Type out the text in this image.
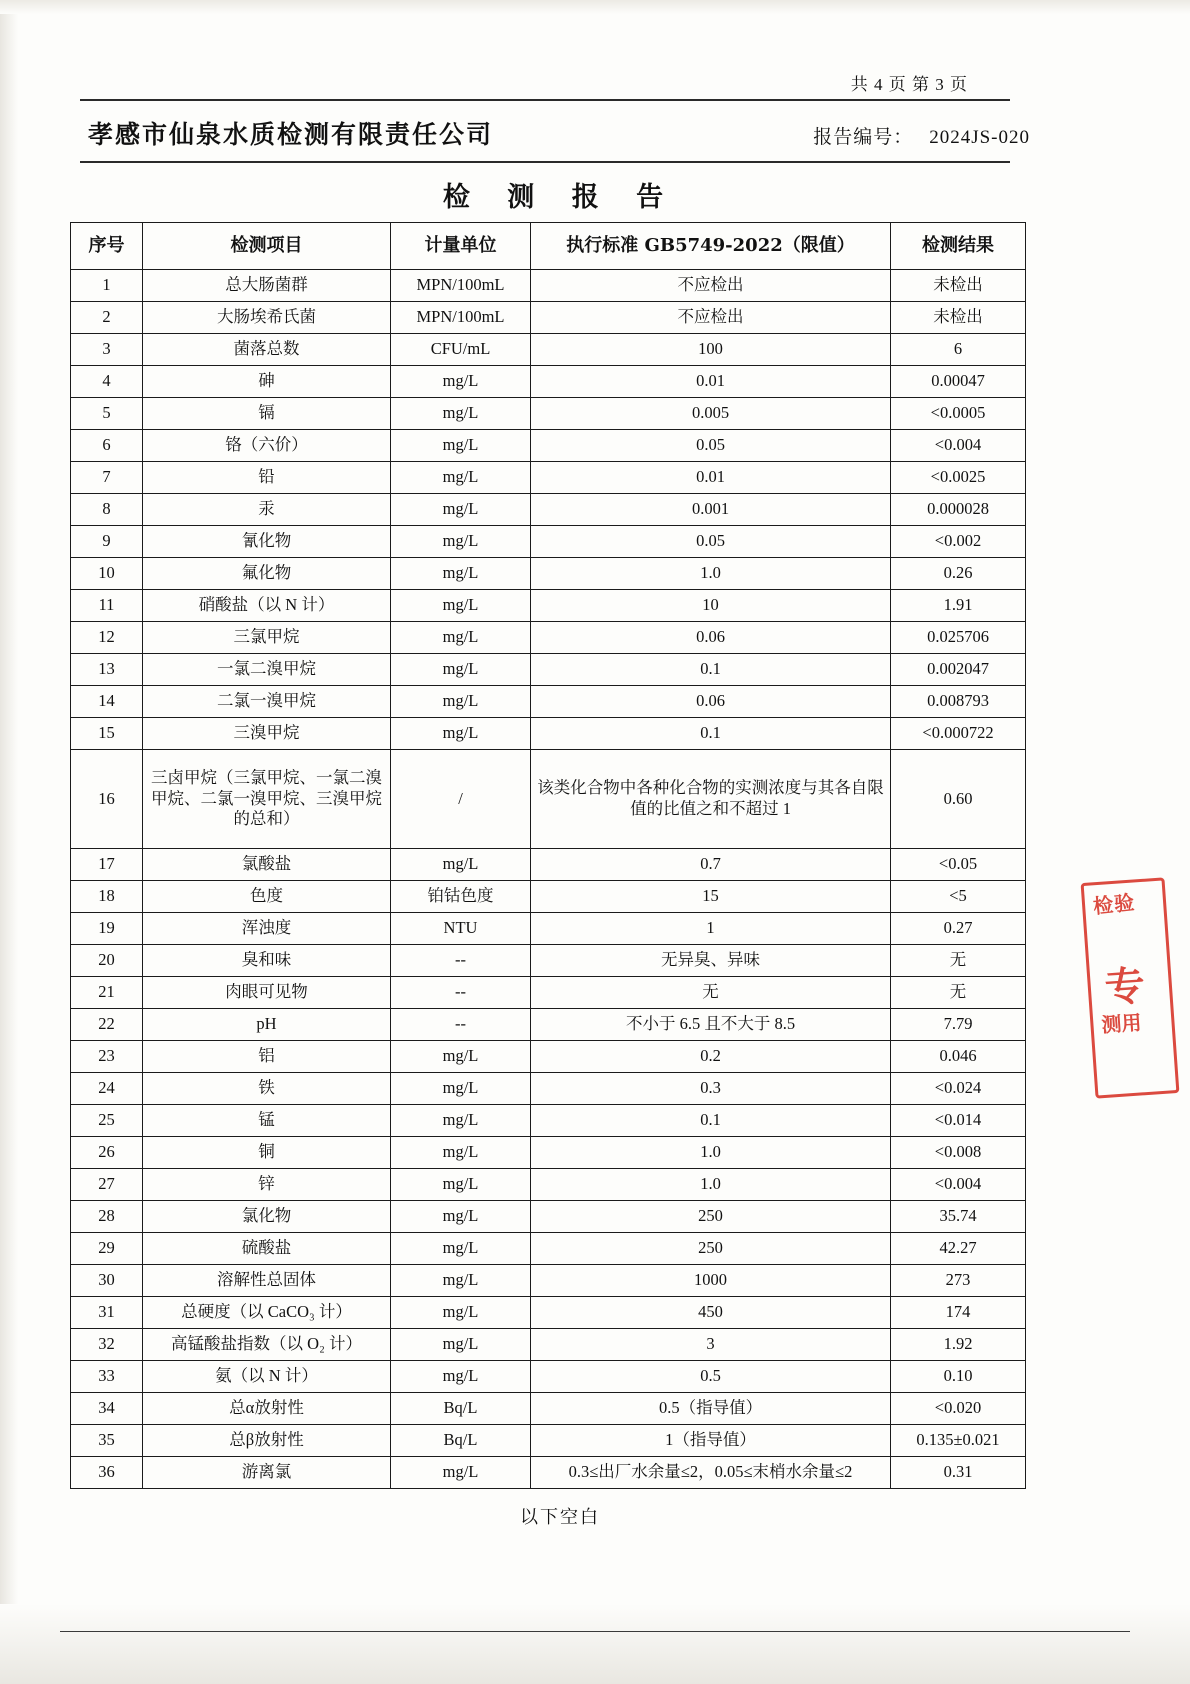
共 4 页 第 3 页
孝感市仙泉水质检测有限责任公司	报告编号： 2024JS-020
检 测 报 告
序号	检测项目	计量单位	执行标准 GB5749-2022（限值）	检测结果
1	总大肠菌群	MPN/100mL	不应检出	未检出
2	大肠埃希氏菌	MPN/100mL	不应检出	未检出
3	菌落总数	CFU/mL	100	6
4	砷	mg/L	0.01	0.00047
5	镉	mg/L	0.005	<0.0005
6	铬（六价）	mg/L	0.05	<0.004
7	铅	mg/L	0.01	<0.0025
8	汞	mg/L	0.001	0.000028
9	氰化物	mg/L	0.05	<0.002
10	氟化物	mg/L	1.0	0.26
11	硝酸盐（以 N 计）	mg/L	10	1.91
12	三氯甲烷	mg/L	0.06	0.025706
13	一氯二溴甲烷	mg/L	0.1	0.002047
14	二氯一溴甲烷	mg/L	0.06	0.008793
15	三溴甲烷	mg/L	0.1	<0.000722
16	三卤甲烷（三氯甲烷、一氯二溴甲烷、二氯一溴甲烷、三溴甲烷的总和）	/	该类化合物中各种化合物的实测浓度与其各自限值的比值之和不超过 1	0.60
17	氯酸盐	mg/L	0.7	<0.05
18	色度	铂钴色度	15	<5
19	浑浊度	NTU	1	0.27
20	臭和味	--	无异臭、异味	无
21	肉眼可见物	--	无	无
22	pH	--	不小于 6.5 且不大于 8.5	7.79
23	铝	mg/L	0.2	0.046
24	铁	mg/L	0.3	<0.024
25	锰	mg/L	0.1	<0.014
26	铜	mg/L	1.0	<0.008
27	锌	mg/L	1.0	<0.004
28	氯化物	mg/L	250	35.74
29	硫酸盐	mg/L	250	42.27
30	溶解性总固体	mg/L	1000	273
31	总硬度（以 CaCO₃ 计）	mg/L	450	174
32	高锰酸盐指数（以 O₂ 计）	mg/L	3	1.92
33	氨（以 N 计）	mg/L	0.5	0.10
34	总α放射性	Bq/L	0.5（指导值）	<0.020
35	总β放射性	Bq/L	1（指导值）	0.135±0.021
36	游离氯	mg/L	0.3≤出厂水余量≤2，0.05≤末梢水余量≤2	0.31
以下空白
检验
专
测用
